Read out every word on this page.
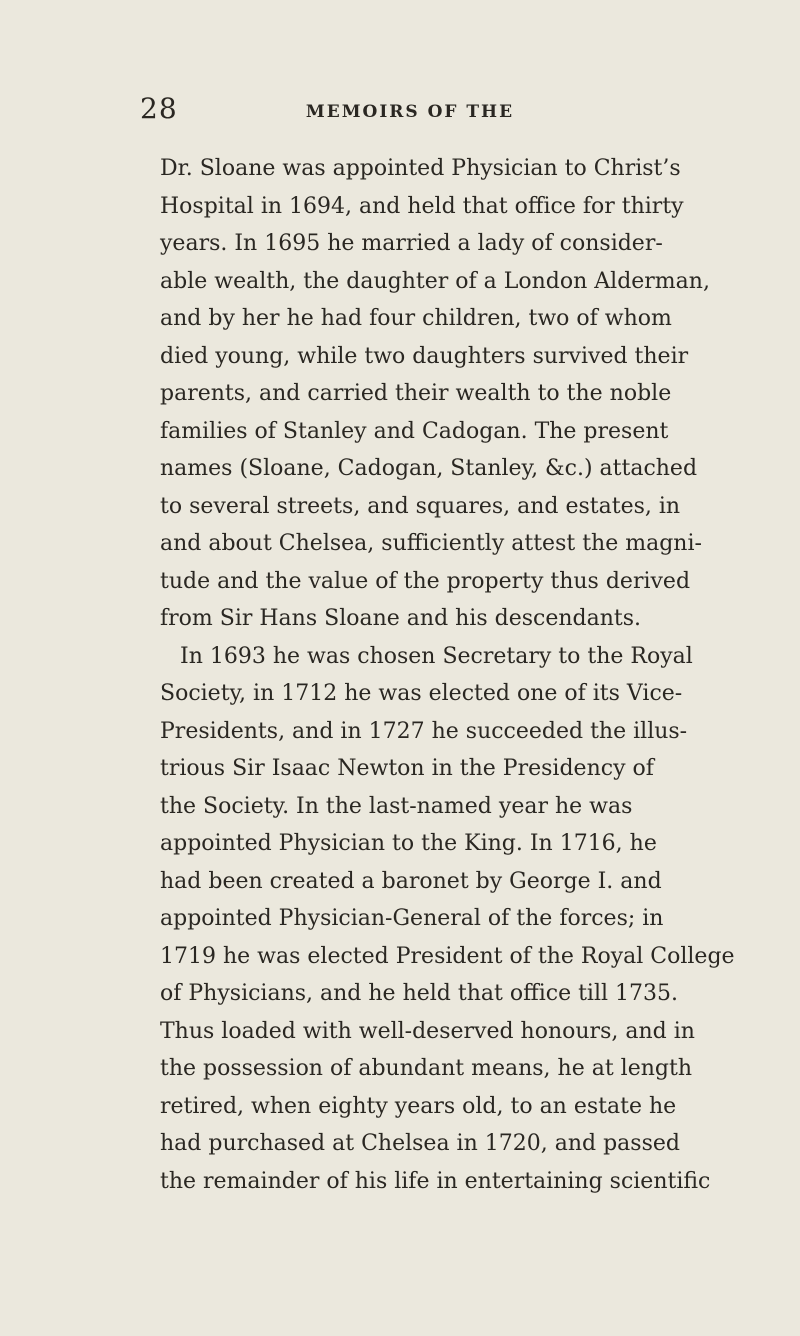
28	MEMOIRS OF THE
Dr. Sloane was appointed Physician to Christ’s
Hospital in 1694, and held that office for thirty
years. In 1695 he married a lady of consider-
able wealth, the daughter of a London Alderman,
and by her he had four children, two of whom
died young, while two daughters survived their
parents, and carried their wealth to the noble
families of Stanley and Cadogan. The present
names (Sloane, Cadogan, Stanley, &c.) attached
to several streets, and squares, and estates, in
and about Chelsea, sufficiently attest the magni-
tude and the value of the property thus derived
from Sir Hans Sloane and his descendants.
In 1693 he was chosen Secretary to the Royal
Society, in 1712 he was elected one of its Vice-
Presidents, and in 1727 he succeeded the illus-
trious Sir Isaac Newton in the Presidency of
the Society. In the last-named year he was
appointed Physician to the King. In 1716, he
had been created a baronet by George I. and
appointed Physician-General of the forces; in
1719 he was elected President of the Royal College
of Physicians, and he held that office till 1735.
Thus loaded with well-deserved honours, and in
the possession of abundant means, he at length
retired, when eighty years old, to an estate he
had purchased at Chelsea in 1720, and passed
the remainder of his life in entertaining scientific
